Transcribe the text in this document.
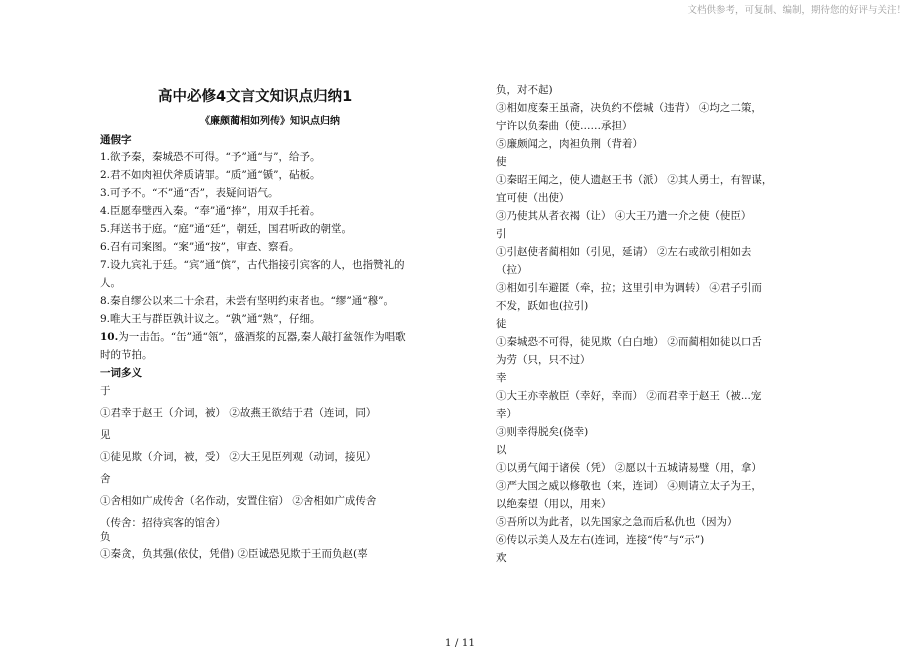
文档供参考，可复制、编制，期待您的好评与关注！
高中必修4文言文知识点归纳1
《廉颇蔺相如列传》知识点归纳
通假字
1.欲予秦，秦城恐不可得。“予”通“与”，给予。
2.君不如肉袒伏斧质请罪。“质”通“锧”，砧板。
3.可予不。“不”通“否”，表疑问语气。
4.臣愿奉璧西入秦。“奉”通“捧”，用双手托着。
5.拜送书于庭。“庭”通“廷”，朝廷，国君听政的朝堂。
6.召有司案图。“案”通“按”，审查、察看。
7.设九宾礼于廷。“宾”通“傧”，古代指接引宾客的人，也指赞礼的
人。
8.秦自缪公以来二十余君，未尝有坚明约束者也。“缪”通“穆”。
9.唯大王与群臣孰计议之。“孰”通“熟”，仔细。
10.为一击缶。“缶”通“瓴”，盛酒浆的瓦器,秦人敲打盆瓴作为唱歌
时的节拍。
一词多义
于
①君幸于赵王（介词，被） ②故燕王欲结于君（连词，同）
见
①徒见欺（介词，被，受） ②大王见臣列观（动词，接见）
舍
①舍相如广成传舍（名作动，安置住宿） ②舍相如广成传舍
（传舍：招待宾客的馆舍）
负
①秦贪，负其强(依仗，凭借) ②臣诚恐见欺于王而负赵(辜
负，对不起)
③相如度秦王虽斋，决负约不偿城（违背） ④均之二策，
宁许以负秦曲（使……承担）
⑤廉颇闻之，肉袒负荆（背着）
使
①秦昭王闻之，使人遗赵王书（派） ②其人勇士，有智谋，
宜可使（出使）
③乃使其从者衣褐（让） ④大王乃遣一介之使（使臣）
引
①引赵使者蔺相如（引见，延请） ②左右或欲引相如去
（拉）
③相如引车避匿（牵，拉；这里引申为调转） ④君子引而
不发，跃如也(拉引)
徒
①秦城恐不可得，徒见欺（白白地） ②而蔺相如徒以口舌
为劳（只，只不过）
幸
①大王亦幸赦臣（幸好，幸而） ②而君幸于赵王（被...宠
幸）
③则幸得脱矣(侥幸)
以
①以勇气闻于诸侯（凭） ②愿以十五城请易璧（用，拿）
③严大国之威以修敬也（来，连词） ④则请立太子为王，
以绝秦望（用以，用来）
⑤吾所以为此者，以先国家之急而后私仇也（因为）
⑥传以示美人及左右(连词，连接“传”与“示”)
欢
1 / 11
